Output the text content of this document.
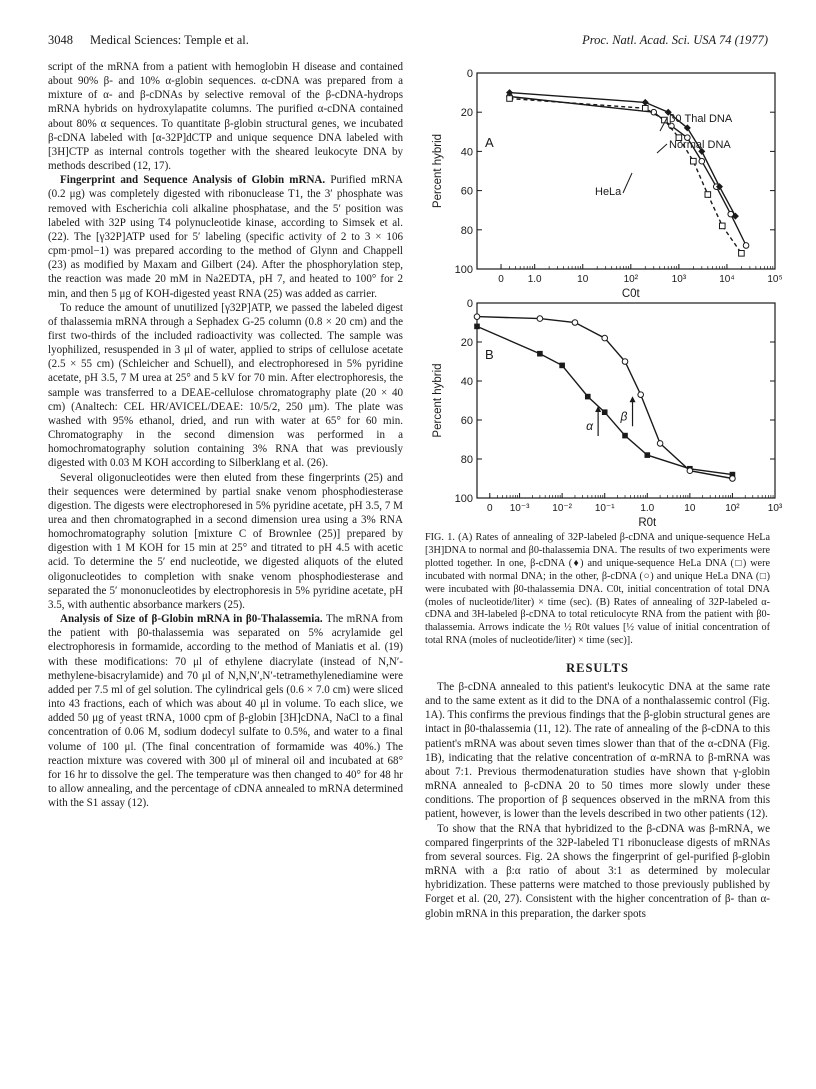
3048 Medical Sciences: Temple et al.	Proc. Natl. Acad. Sci. USA 74 (1977)

script of the mRNA from a patient with hemoglobin H disease and contained about 90% β- and 10% α-globin sequences. α-cDNA was prepared from a mixture of α- and β-cDNAs by selective removal of the β-cDNA-hydrops mRNA hybrids on hydroxylapatite columns. The purified α-cDNA contained about 80% α sequences. To quantitate β-globin structural genes, we incubated β-cDNA labeled with [α-32P]dCTP and unique sequence DNA labeled with [3H]CTP as internal controls together with the sheared leukocyte DNA by methods described (12, 17).

Fingerprint and Sequence Analysis of Globin mRNA. Purified mRNA (0.2 μg) was completely digested with ribonuclease T1, the 3′ phosphate was removed with Escherichia coli alkaline phosphatase, and the 5′ position was labeled with 32P using T4 polynucleotide kinase, according to Simsek et al. (22). The [γ32P]ATP used for 5′ labeling (specific activity of 2 to 3 × 106 cpm·pmol−1) was prepared according to the method of Glynn and Chappell (23) as modified by Maxam and Gilbert (24). After the phosphorylation step, the reaction was made 20 mM in Na2EDTA, pH 7, and heated to 100° for 2 min, and then 5 μg of KOH-digested yeast RNA (25) was added as carrier.

To reduce the amount of unutilized [γ32P]ATP, we passed the labeled digest of thalassemia mRNA through a Sephadex G-25 column (0.8 × 20 cm) and the first two-thirds of the included radioactivity was collected. The sample was lyophilized, resuspended in 3 μl of water, applied to strips of cellulose acetate (2.5 × 55 cm) (Schleicher and Schuell), and electrophoresed in 5% pyridine acetate, pH 3.5, 7 M urea at 25° and 5 kV for 70 min. After electrophoresis, the sample was transferred to a DEAE-cellulose chromatography plate (20 × 40 cm) (Analtech: CEL HR/AVICEL/DEAE: 10/5/2, 250 μm). The plate was washed with 95% ethanol, dried, and run with water at 65° for 60 min. Chromatography in the second dimension was performed in a homochromatography solution containing 3% RNA that was previously digested with 0.03 M KOH according to Silberklang et al. (26).

Several oligonucleotides were then eluted from these fingerprints (25) and their sequences were determined by partial snake venom phosphodiesterase digestion. The digests were electrophoresed in 5% pyridine acetate, pH 3.5, 7 M urea and then chromatographed in a second dimension urea using a 3% RNA homochromatography solution [mixture C of Brownlee (25)] prepared by digestion with 1 M KOH for 15 min at 25° and titrated to pH 4.5 with acetic acid. To determine the 5′ end nucleotide, we digested aliquots of the eluted oligonucleotides to completion with snake venom phosphodiesterase and separated the 5′ mononucleotides by electrophoresis in 5% pyridine acetate, pH 3.5, with authentic absorbance markers (25).

Analysis of Size of β-Globin mRNA in β0-Thalassemia. The mRNA from the patient with β0-thalassemia was separated on 5% acrylamide gel electrophoresis in formamide, according to the method of Maniatis et al. (19) with these modifications: 70 μl of ethylene diacrylate (instead of N,N′-methylene-bisacrylamide) and 70 μl of N,N,N′,N′-tetramethylenediamine were added per 7.5 ml of gel solution. The cylindrical gels (0.6 × 7.0 cm) were sliced into 43 fractions, each of which was about 40 μl in volume. To each slice, we added 50 μg of yeast tRNA, 1000 cpm of β-globin [3H]cDNA, NaCl to a final concentration of 0.06 M, sodium dodecyl sulfate to 0.5%, and water to a final volume of 100 μl. (The final concentration of formamide was 40%.) The reaction mixture was covered with 300 μl of mineral oil and incubated at 68° for 16 hr to dissolve the gel. The temperature was then changed to 40° for 48 hr to allow annealing, and the percentage of cDNA annealed to mRNA determined with the S1 assay (12).

0
20
40
60
80
100
0 1.0	10	10²	10³	10⁴	10⁵
C0t
Percent hybrid	A
β0 Thal DNA
Normal DNA
HeLa
0
20
40
60
80
100
0 10⁻³ 10⁻² 10⁻¹	1.0	10	10²	10³
R0t
Percent hybrid
B
α
β
FIG. 1. (A) Rates of annealing of 32P-labeled β-cDNA and unique-sequence HeLa [3H]DNA to normal and β0-thalassemia DNA. The results of two experiments were plotted together. In one, β-cDNA (♦) and unique-sequence HeLa DNA (□) were incubated with normal DNA; in the other, β-cDNA (○) and unique HeLa DNA (□) were incubated with β0-thalassemia DNA. C0t, initial concentration of total DNA (moles of nucleotide/liter) × time (sec). (B) Rates of annealing of 32P-labeled α-cDNA and 3H-labeled β-cDNA to total reticulocyte RNA from the patient with β0-thalassemia. Arrows indicate the ½ R0t values [½ value of initial concentration of total RNA (moles of nucleotide/liter) × time (sec)].
RESULTS

The β-cDNA annealed to this patient's leukocytic DNA at the same rate and to the same extent as it did to the DNA of a nonthalassemic control (Fig. 1A). This confirms the previous findings that the β-globin structural genes are intact in β0-thalassemia (11, 12). The rate of annealing of the β-cDNA to this patient's mRNA was about seven times slower than that of the α-cDNA (Fig. 1B), indicating that the relative concentration of α-mRNA to β-mRNA was about 7:1. Previous thermodenaturation studies have shown that γ-globin mRNA annealed to β-cDNA 20 to 50 times more slowly under these conditions. The proportion of β sequences observed in the mRNA from this patient, however, is lower than the levels described in two other patients (12).

To show that the RNA that hybridized to the β-cDNA was β-mRNA, we compared fingerprints of the 32P-labeled T1 ribonuclease digests of mRNAs from several sources. Fig. 2A shows the fingerprint of gel-purified β-globin mRNA with a β:α ratio of about 3:1 as determined by molecular hybridization. These patterns were matched to those previously published by Forget et al. (20, 27). Consistent with the higher concentration of β- than α-globin mRNA in this preparation, the darker spots
